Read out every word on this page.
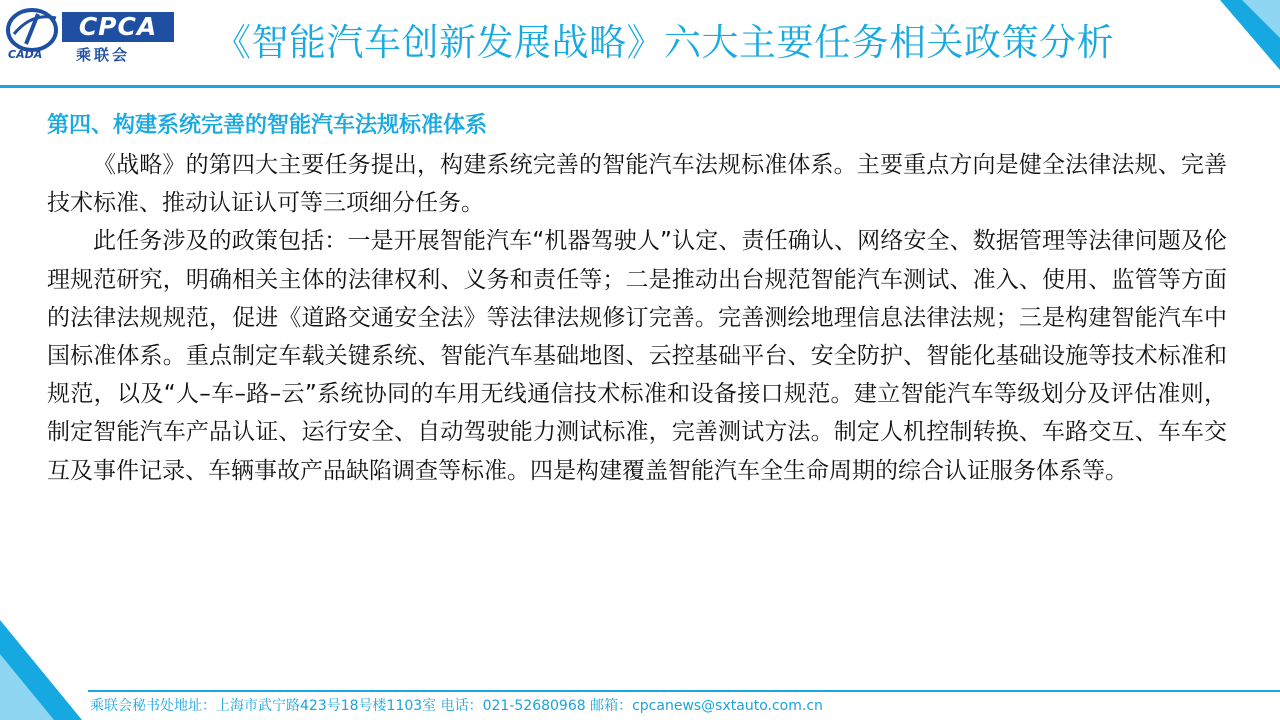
CPCA
乘联会
CADA	《智能汽车创新发展战略》六大主要任务相关政策分析
第四、构建系统完善的智能汽车法规标准体系

《战略》的第四大主要任务提出，构建系统完善的智能汽车法规标准体系。主要重点方向是健全法律法规、完善技术标准、推动认证认可等三项细分任务。

此任务涉及的政策包括：一是开展智能汽车“机器驾驶人”认定、责任确认、网络安全、数据管理等法律问题及伦理规范研究，明确相关主体的法律权利、义务和责任等；二是推动出台规范智能汽车测试、准入、使用、监管等方面的法律法规规范，促进《道路交通安全法》等法律法规修订完善。完善测绘地理信息法律法规；三是构建智能汽车中国标准体系。重点制定车载关键系统、智能汽车基础地图、云控基础平台、安全防护、智能化基础设施等技术标准和规范，以及“人–车–路–云”系统协同的车用无线通信技术标准和设备接口规范。建立智能汽车等级划分及评估准则，制定智能汽车产品认证、运行安全、自动驾驶能力测试标准，完善测试方法。制定人机控制转换、车路交互、车车交互及事件记录、车辆事故产品缺陷调查等标准。四是构建覆盖智能汽车全生命周期的综合认证服务体系等。

乘联会秘书处地址：上海市武宁路423号18号楼1103室 电话：021-52680968 邮箱：cpcanews@sxtauto.com.cn
